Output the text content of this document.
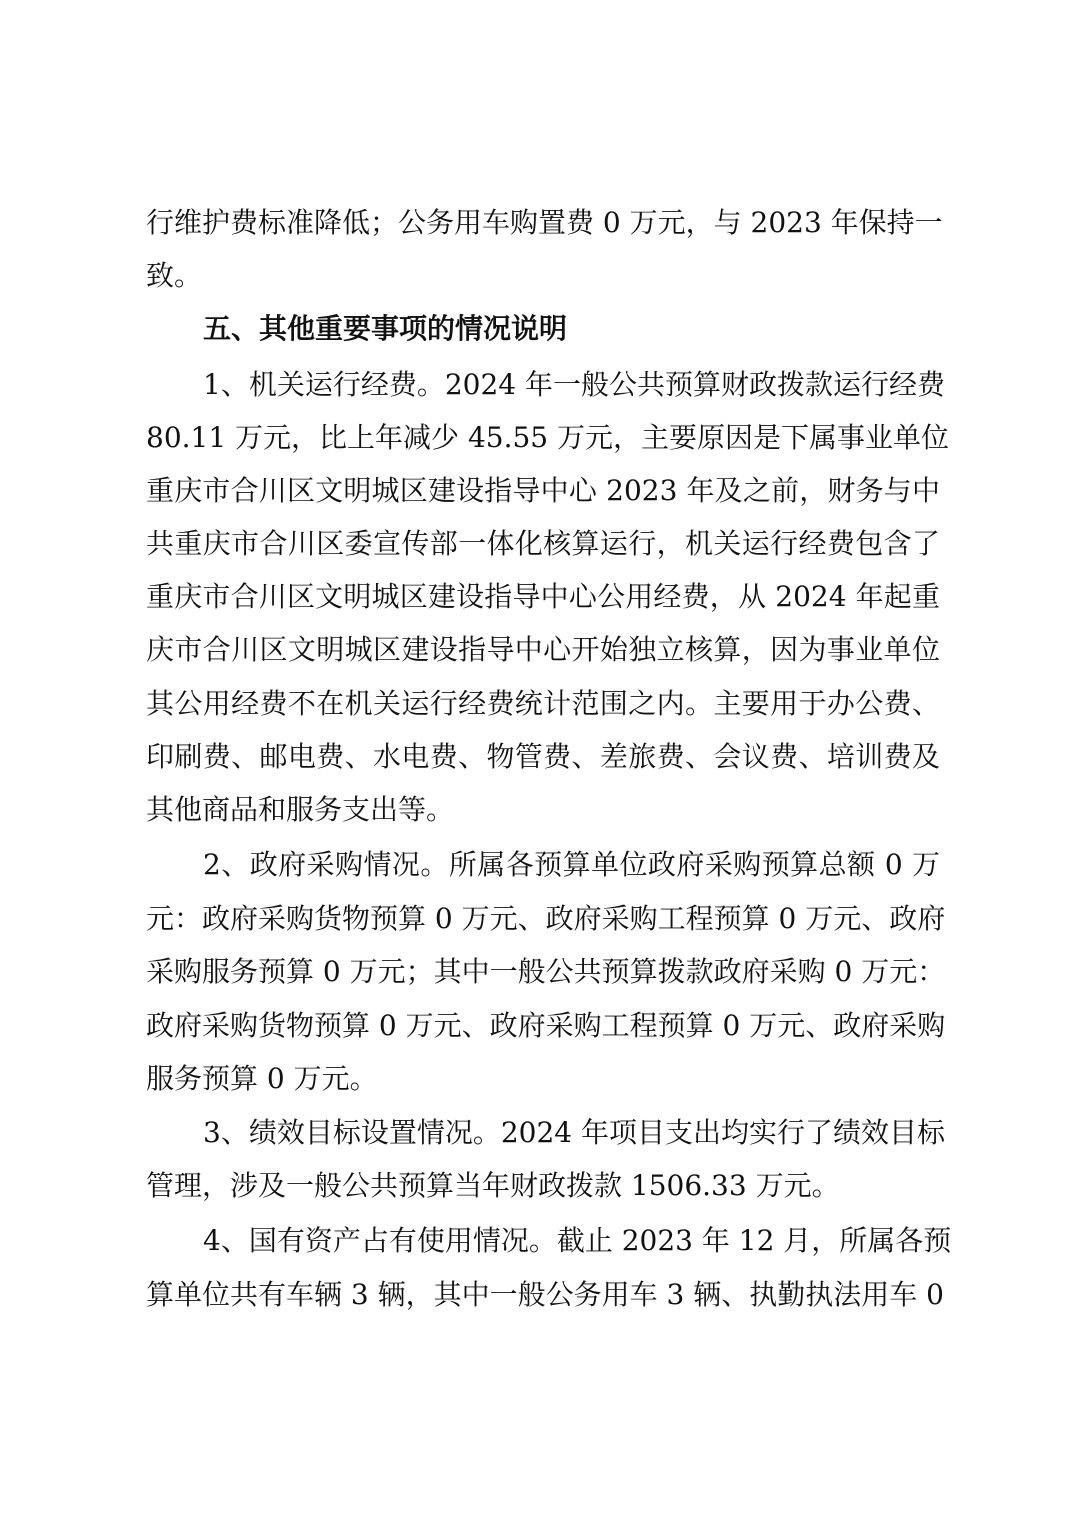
行维护费标准降低；公务用车购置费 0 万元，与 2023 年保持一
致。
五、其他重要事项的情况说明
1、机关运行经费。2024 年一般公共预算财政拨款运行经费
80.11 万元，比上年减少 45.55 万元，主要原因是下属事业单位
重庆市合川区文明城区建设指导中心 2023 年及之前，财务与中
共重庆市合川区委宣传部一体化核算运行，机关运行经费包含了
重庆市合川区文明城区建设指导中心公用经费，从 2024 年起重
庆市合川区文明城区建设指导中心开始独立核算，因为事业单位
其公用经费不在机关运行经费统计范围之内。主要用于办公费、
印刷费、邮电费、水电费、物管费、差旅费、会议费、培训费及
其他商品和服务支出等。
2、政府采购情况。所属各预算单位政府采购预算总额 0 万
元：政府采购货物预算 0 万元、政府采购工程预算 0 万元、政府
采购服务预算 0 万元；其中一般公共预算拨款政府采购 0 万元：
政府采购货物预算 0 万元、政府采购工程预算 0 万元、政府采购
服务预算 0 万元。
3、绩效目标设置情况。2024 年项目支出均实行了绩效目标
管理，涉及一般公共预算当年财政拨款 1506.33 万元。
4、国有资产占有使用情况。截止 2023 年 12 月，所属各预
算单位共有车辆 3 辆，其中一般公务用车 3 辆、执勤执法用车 0
